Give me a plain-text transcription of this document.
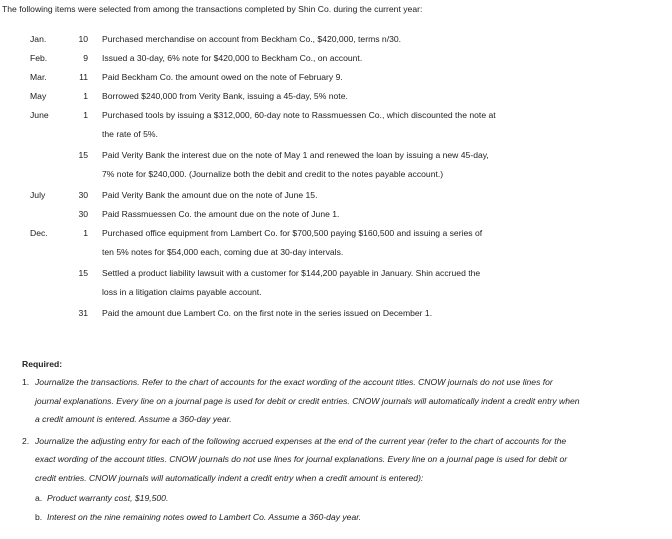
The following items were selected from among the transactions completed by Shin Co. during the current year:
Jan.	10 Purchased merchandise on account from Beckham Co., $420,000, terms n/30.
Feb.	9 Issued a 30-day, 6% note for $420,000 to Beckham Co., on account.
Mar.	11 Paid Beckham Co. the amount owed on the note of February 9.
May	1 Borrowed $240,000 from Verity Bank, issuing a 45-day, 5% note.
June	1 Purchased tools by issuing a $312,000, 60-day note to Rassmuessen Co., which discounted the note at
the rate of 5%.
15 Paid Verity Bank the interest due on the note of May 1 and renewed the loan by issuing a new 45-day,
7% note for $240,000. (Journalize both the debit and credit to the notes payable account.)
July	30 Paid Verity Bank the amount due on the note of June 15.
30 Paid Rassmuessen Co. the amount due on the note of June 1.
Dec.	1 Purchased office equipment from Lambert Co. for $700,500 paying $160,500 and issuing a series of
ten 5% notes for $54,000 each, coming due at 30-day intervals.
15 Settled a product liability lawsuit with a customer for $144,200 payable in January. Shin accrued the
loss in a litigation claims payable account.
31 Paid the amount due Lambert Co. on the first note in the series issued on December 1.
Required:
1. Journalize the transactions. Refer to the chart of accounts for the exact wording of the account titles. CNOW journals do not use lines for
journal explanations. Every line on a journal page is used for debit or credit entries. CNOW journals will automatically indent a credit entry when
a credit amount is entered. Assume a 360-day year.
2. Journalize the adjusting entry for each of the following accrued expenses at the end of the current year (refer to the chart of accounts for the
exact wording of the account titles. CNOW journals do not use lines for journal explanations. Every line on a journal page is used for debit or
credit entries. CNOW journals will automatically indent a credit entry when a credit amount is entered):
a. Product warranty cost, $19,500.
b. Interest on the nine remaining notes owed to Lambert Co. Assume a 360-day year.
